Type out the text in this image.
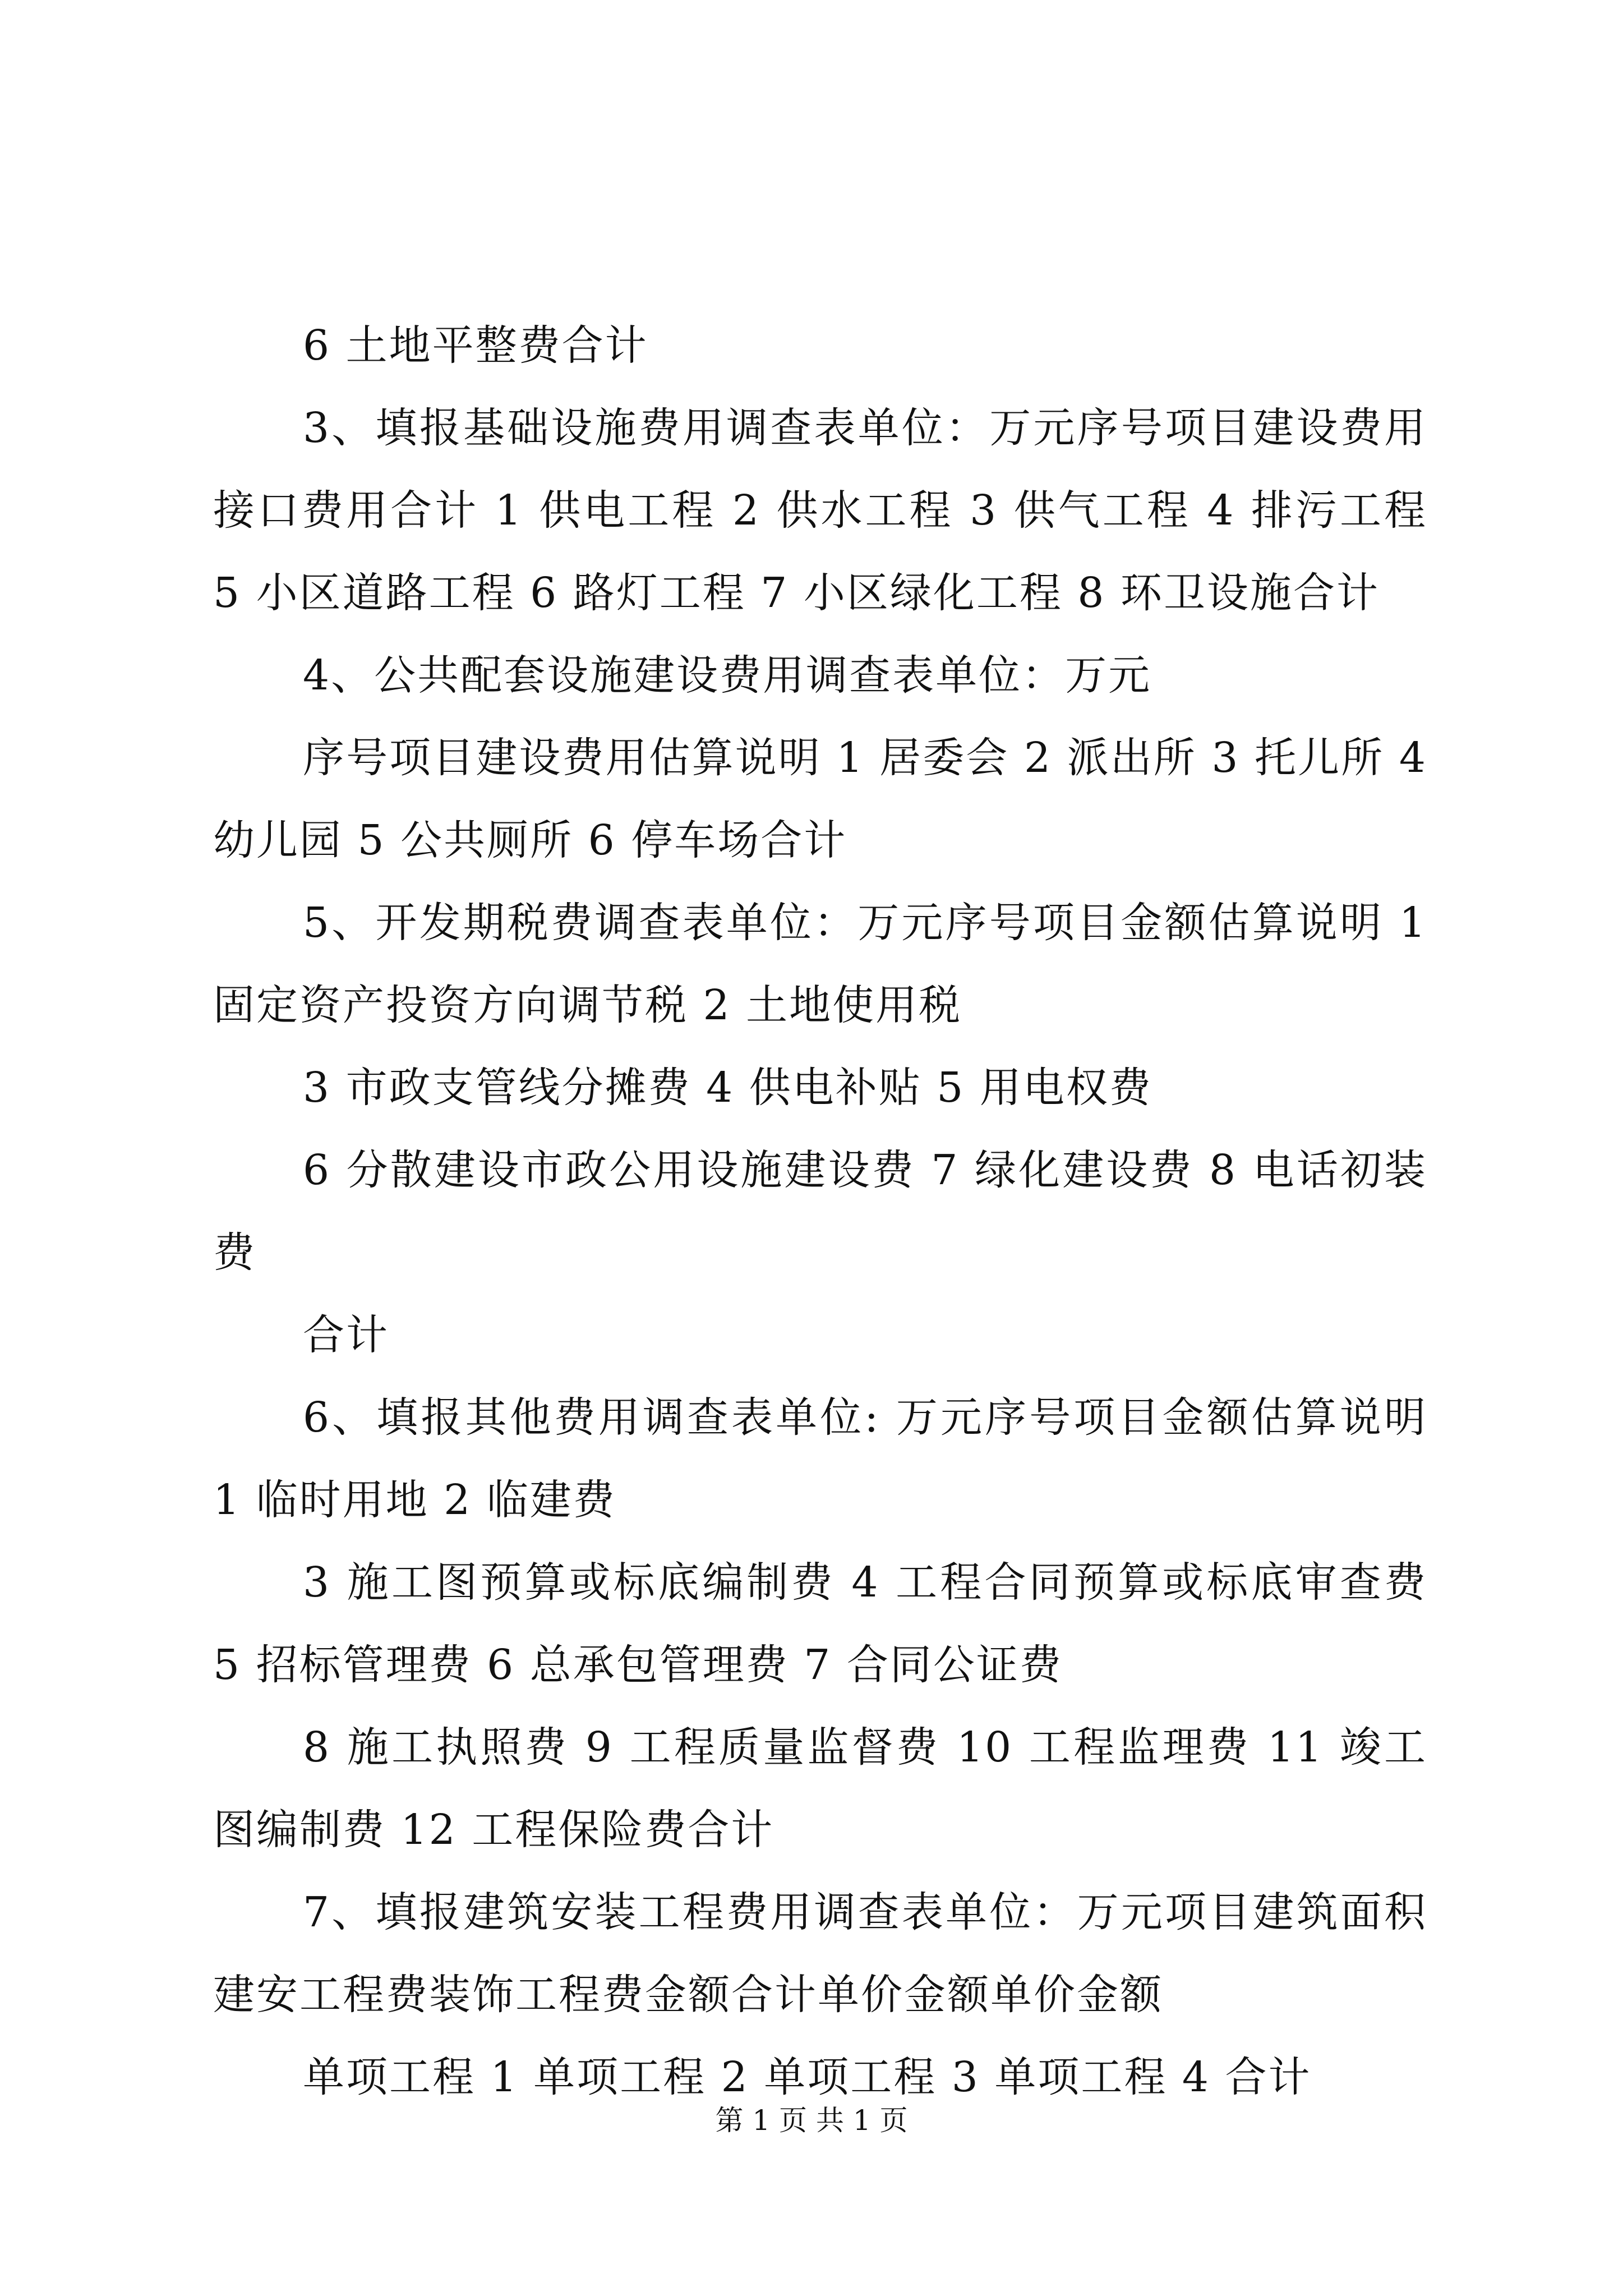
6 土地平整费合计

3、填报基础设施费用调查表单位：万元序号项目建设费用接口费用合计 1 供电工程 2 供水工程 3 供气工程 4 排污工程 5 小区道路工程 6 路灯工程 7 小区绿化工程 8 环卫设施合计

4、公共配套设施建设费用调查表单位：万元

序号项目建设费用估算说明 1 居委会 2 派出所 3 托儿所 4 幼儿园 5 公共厕所 6 停车场合计

5、开发期税费调查表单位：万元序号项目金额估算说明 1 固定资产投资方向调节税 2 土地使用税

3 市政支管线分摊费 4 供电补贴 5 用电权费

6 分散建设市政公用设施建设费 7 绿化建设费 8 电话初装费

合计

6、填报其他费用调查表单位: 万元序号项目金额估算说明 1 临时用地 2 临建费

3 施工图预算或标底编制费 4 工程合同预算或标底审查费 5 招标管理费 6 总承包管理费 7 合同公证费

8 施工执照费 9 工程质量监督费 10 工程监理费 11 竣工图编制费 12 工程保险费合计

7、填报建筑安装工程费用调查表单位：万元项目建筑面积建安工程费装饰工程费金额合计单价金额单价金额

单项工程 1 单项工程 2 单项工程 3 单项工程 4 合计

第 1 页 共 1 页
